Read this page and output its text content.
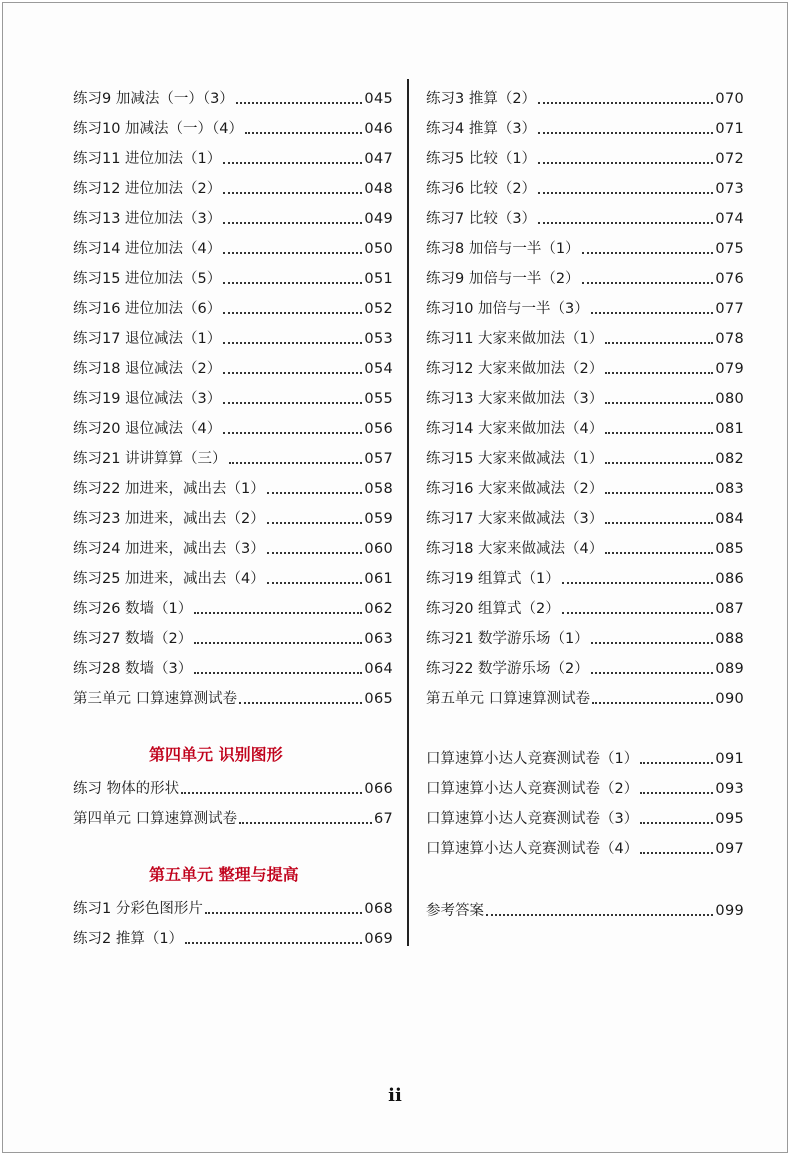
练习9 加减法（一）（3）	045
练习10 加减法（一）（4）	046
练习11 进位加法（1）	047
练习12 进位加法（2）	048
练习13 进位加法（3）	049
练习14 进位加法（4）	050
练习15 进位加法（5）	051
练习16 进位加法（6）	052
练习17 退位减法（1）	053
练习18 退位减法（2）	054
练习19 退位减法（3）	055
练习20 退位减法（4）	056
练习21 讲讲算算（三）	057
练习22 加进来，减出去（1）	058
练习23 加进来，减出去（2）	059
练习24 加进来，减出去（3）	060
练习25 加进来，减出去（4）	061
练习26 数墙（1）	062
练习27 数墙（2）	063
练习28 数墙（3）	064
第三单元 口算速算测试卷	065
第四单元 识别图形
练习 物体的形状	066
第四单元 口算速算测试卷	67
第五单元 整理与提高
练习1 分彩色图形片	068
练习2 推算（1）	069
练习3 推算（2）	070
练习4 推算（3）	071
练习5 比较（1）	072
练习6 比较（2）	073
练习7 比较（3）	074
练习8 加倍与一半（1）	075
练习9 加倍与一半（2）	076
练习10 加倍与一半（3）	077
练习11 大家来做加法（1）	078
练习12 大家来做加法（2）	079
练习13 大家来做加法（3）	080
练习14 大家来做加法（4）	081
练习15 大家来做减法（1）	082
练习16 大家来做减法（2）	083
练习17 大家来做减法（3）	084
练习18 大家来做减法（4）	085
练习19 组算式（1）	086
练习20 组算式（2）	087
练习21 数学游乐场（1）	088
练习22 数学游乐场（2）	089
第五单元 口算速算测试卷	090
口算速算小达人竞赛测试卷（1）	091
口算速算小达人竞赛测试卷（2）	093
口算速算小达人竞赛测试卷（3）	095
口算速算小达人竞赛测试卷（4）	097
参考答案	099
ii
